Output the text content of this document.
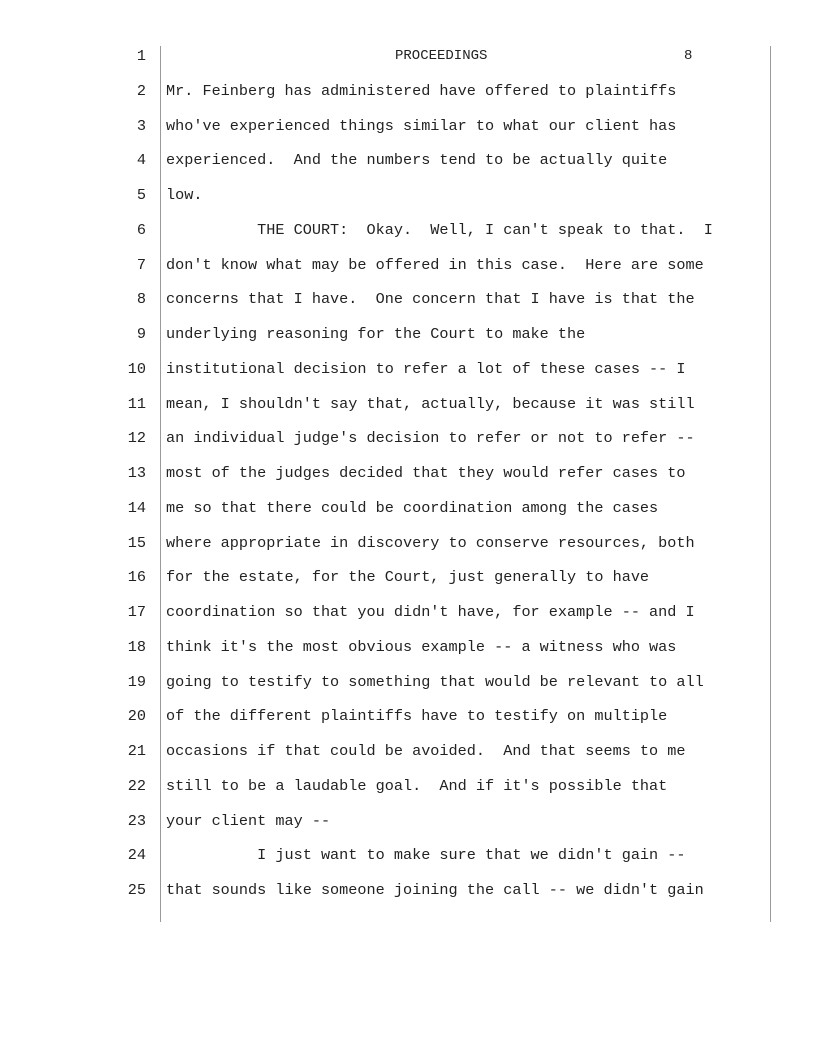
1	PROCEEDINGS	8
2 Mr. Feinberg has administered have offered to plaintiffs
3 who've experienced things similar to what our client has
4 experienced.  And the numbers tend to be actually quite
5 low.
6 THE COURT:  Okay.  Well, I can't speak to that.  I
7 don't know what may be offered in this case.  Here are some
8 concerns that I have.  One concern that I have is that the
9 underlying reasoning for the Court to make the
10 institutional decision to refer a lot of these cases -- I
11 mean, I shouldn't say that, actually, because it was still
12 an individual judge's decision to refer or not to refer --
13 most of the judges decided that they would refer cases to
14 me so that there could be coordination among the cases
15 where appropriate in discovery to conserve resources, both
16 for the estate, for the Court, just generally to have
17 coordination so that you didn't have, for example -- and I
18 think it's the most obvious example -- a witness who was
19 going to testify to something that would be relevant to all
20 of the different plaintiffs have to testify on multiple
21 occasions if that could be avoided.  And that seems to me
22 still to be a laudable goal.  And if it's possible that
23 your client may --
24 I just want to make sure that we didn't gain --
25 that sounds like someone joining the call -- we didn't gain
